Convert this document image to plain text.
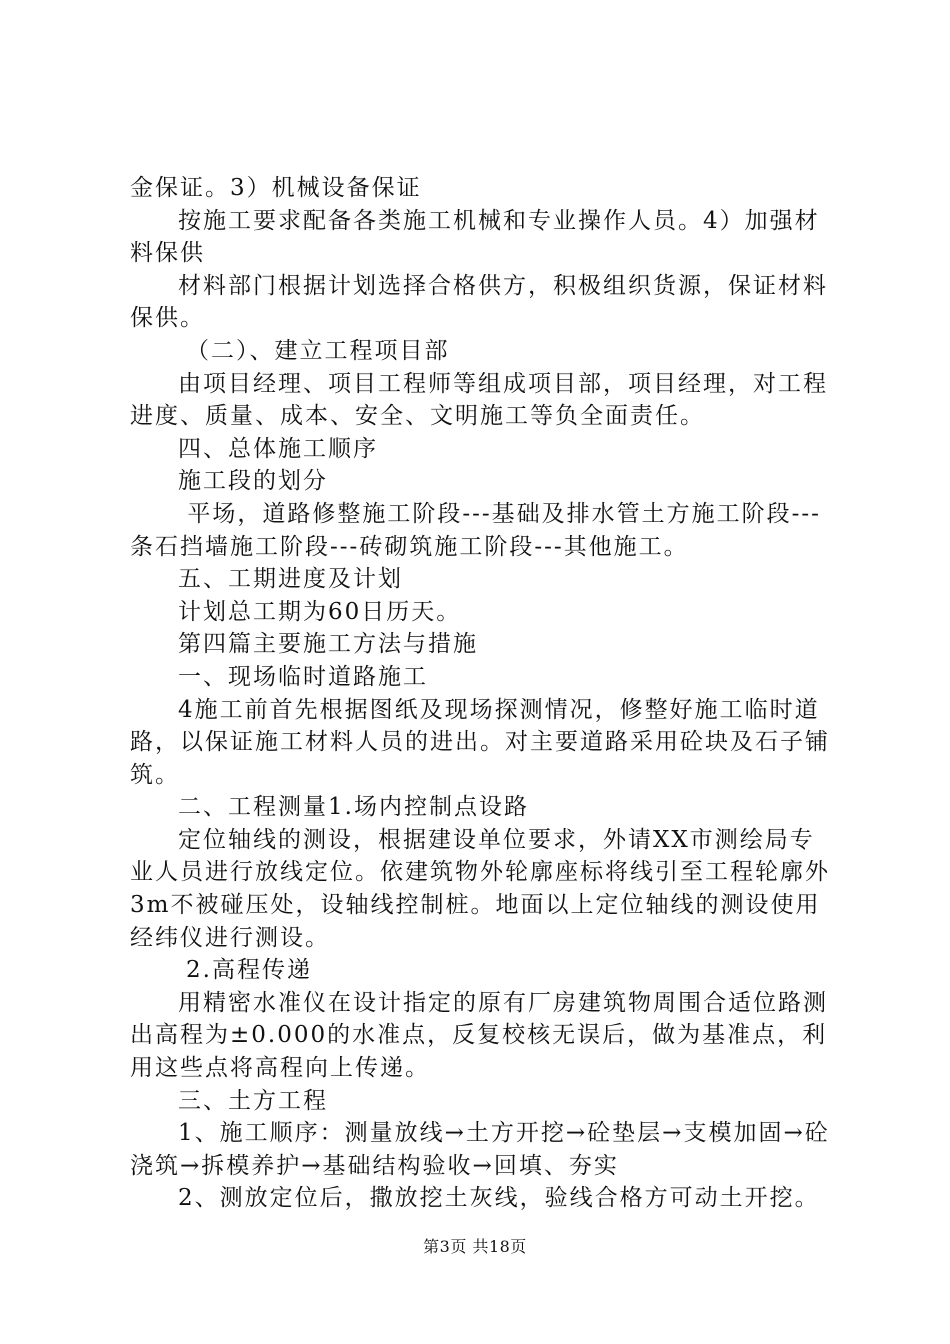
金保证。3）机械设备保证

按施工要求配备各类施工机械和专业操作人员。4）加强材料保供

材料部门根据计划选择合格供方，积极组织货源，保证材料保供。

（二）、建立工程项目部

由项目经理、项目工程师等组成项目部，项目经理，对工程进度、质量、成本、安全、文明施工等负全面责任。

四、总体施工顺序

施工段的划分

平场，道路修整施工阶段---基础及排水管土方施工阶段---条石挡墙施工阶段---砖砌筑施工阶段---其他施工。

五、工期进度及计划

计划总工期为60日历天。

第四篇主要施工方法与措施

一、现场临时道路施工

4施工前首先根据图纸及现场探测情况，修整好施工临时道路，以保证施工材料人员的进出。对主要道路采用砼块及石子铺筑。

二、工程测量1.场内控制点设路

定位轴线的测设，根据建设单位要求，外请XX市测绘局专业人员进行放线定位。依建筑物外轮廓座标将线引至工程轮廓外3m不被碰压处，设轴线控制桩。地面以上定位轴线的测设使用经纬仪进行测设。

2.高程传递

用精密水准仪在设计指定的原有厂房建筑物周围合适位路测出高程为±0.000的水准点，反复校核无误后，做为基准点，利用这些点将高程向上传递。

三、土方工程

1、施工顺序：测量放线→土方开挖→砼垫层→支模加固→砼浇筑→拆模养护→基础结构验收→回填、夯实

2、测放定位后，撒放挖土灰线，验线合格方可动土开挖。

第3页 共18页
